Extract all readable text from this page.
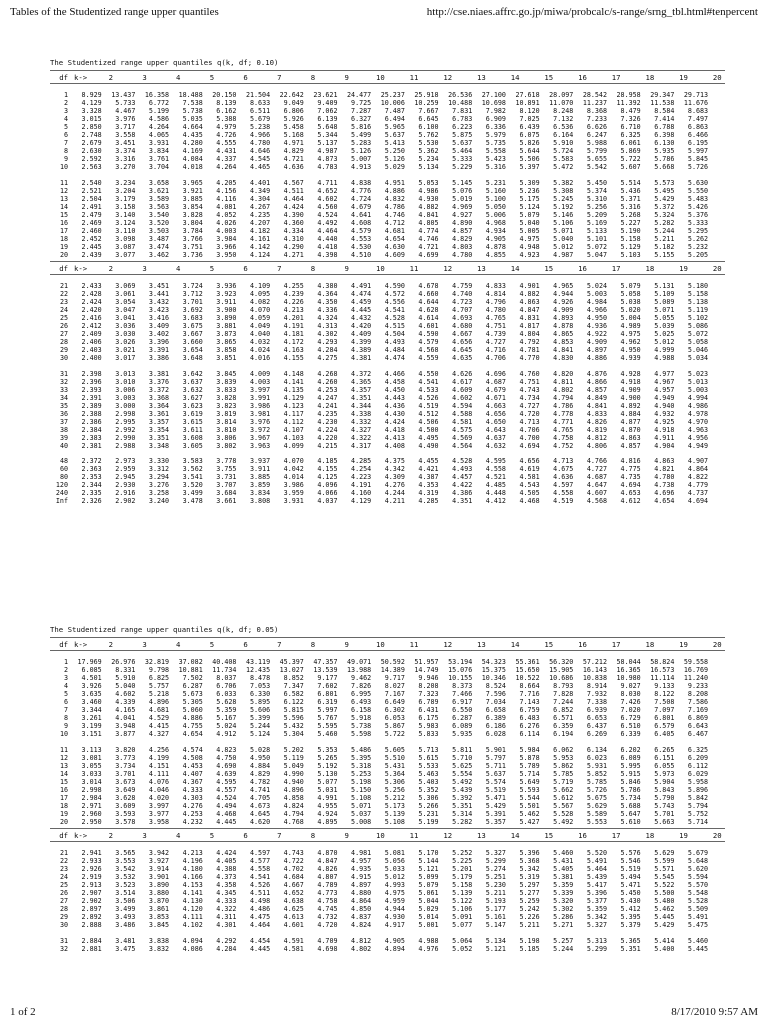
Tables of the Studentized range upper quantiles	http://cse.niaes.affrc.go.jp/miwa/probcalc/s-range/srng_tbl.html#tenpercent
The Studentized range upper quantiles q(k, df; 0.10)
df k->	2	3	4	5	6	7	8	9	10	11	12	13	14	15	16	17	18	19	20
1 8.929 13.437 16.358 18.488 20.150 21.504 22.642 23.621 24.477 25.237 25.918 26.536 27.100 27.618 28.097 28.542 28.958 29.347 29.713
2 4.129 5.733 6.772 7.538 8.139 8.633 9.049 9.409 9.725 10.006 10.259 10.488 10.698 10.891 11.070 11.237 11.392 11.538 11.676
3 3.328 4.467 5.199 5.738 6.162 6.511 6.806 7.062 7.287 7.487 7.667 7.831 7.982 8.120 8.248 8.368 8.479 8.584 8.683
4 3.015 3.976 4.586 5.035 5.388 5.679 5.926 6.139 6.327 6.494 6.645 6.783 6.909 7.025 7.132 7.233 7.326 7.414 7.497
5 2.850 3.717 4.264 4.664 4.979 5.238 5.458 5.648 5.816 5.965 6.100 6.223 6.336 6.439 6.536 6.626 6.710 6.788 6.863
6 2.748 3.558 4.065 4.435 4.726 4.966 5.168 5.344 5.499 5.637 5.762 5.875 5.979 6.075 6.164 6.247 6.325 6.398 6.466
7 2.679 3.451 3.931 4.280 4.555 4.780 4.971 5.137 5.283 5.413 5.530 5.637 5.735 5.826 5.910 5.988 6.061 6.130 6.195
8 2.630 3.374 3.834 4.169 4.431 4.646 4.829 4.987 5.126 5.250 5.362 5.464 5.558 5.644 5.724 5.799 5.869 5.935 5.997
9 2.592 3.316 3.761 4.084 4.337 4.545 4.721 4.873 5.007 5.126 5.234 5.333 5.423 5.506 5.583 5.655 5.722 5.786 5.845
10 2.563 3.270 3.704 4.018 4.264 4.465 4.636 4.783 4.913 5.029 5.134 5.229 5.316 5.397 5.472 5.542 5.607 5.668 5.726
11 2.540 3.234 3.658 3.965 4.205 4.401 4.567 4.711 4.838 4.951 5.053 5.145 5.231 5.309 5.382 5.450 5.514 5.573 5.630
12 2.521 3.204 3.621 3.921 4.156 4.349 4.511 4.652 4.776 4.886 4.986 5.076 5.160 5.236 5.308 5.374 5.436 5.495 5.550
13 2.504 3.179 3.589 3.885 4.116 4.304 4.464 4.602 4.724 4.832 4.930 5.019 5.100 5.175 5.245 5.310 5.371 5.429 5.483
14 2.491 3.158 3.563 3.854 4.081 4.267 4.424 4.560 4.679 4.786 4.882 4.969 5.050 5.124 5.192 5.256 5.316 5.372 5.426
15 2.479 3.140 3.540 3.828 4.052 4.235 4.390 4.524 4.641 4.746 4.841 4.927 5.006 5.079 5.146 5.209 5.268 5.324 5.376
16 2.469 3.124 3.520 3.804 4.026 4.207 4.360 4.492 4.608 4.712 4.805 4.890 4.968 5.040 5.106 5.169 5.227 5.282 5.333
17 2.460 3.110 3.503 3.784 4.003 4.182 4.334 4.464 4.579 4.681 4.774 4.857 4.934 5.005 5.071 5.133 5.190 5.244 5.295
18 2.452 3.098 3.487 3.766 3.984 4.161 4.310 4.440 4.553 4.654 4.746 4.829 4.905 4.975 5.040 5.101 5.158 5.211 5.262
19 2.445 3.087 3.474 3.751 3.966 4.142 4.290 4.418 4.530 4.630 4.721 4.803 4.878 4.948 5.012 5.072 5.129 5.182 5.232
20 2.439 3.077 3.462 3.736 3.950 4.124 4.271 4.398 4.510 4.609 4.699 4.780 4.855 4.923 4.987 5.047 5.103 5.155 5.205
df k->	2	3	4	5	6	7	8	9	10	11	12	13	14	15	16	17	18	19	20
21 2.433 3.069 3.451 3.724 3.936 4.109 4.255 4.380 4.491 4.590 4.678 4.759 4.833 4.901 4.965 5.024 5.079 5.131 5.180
22 2.428 3.061 3.441 3.712 3.923 4.095 4.239 4.364 4.474 4.572 4.660 4.740 4.814 4.882 4.944 5.003 5.058 5.109 5.158
23 2.424 3.054 3.432 3.701 3.911 4.082 4.226 4.350 4.459 4.556 4.644 4.723 4.796 4.863 4.926 4.984 5.038 5.089 5.138
24 2.420 3.047 3.423 3.692 3.900 4.070 4.213 4.336 4.445 4.541 4.628 4.707 4.780 4.847 4.909 4.966 5.020 5.071 5.119
25 2.416 3.041 3.416 3.683 3.890 4.059 4.201 4.324 4.432 4.528 4.614 4.693 4.765 4.831 4.893 4.950 5.004 5.055 5.102
26 2.412 3.036 3.409 3.675 3.881 4.049 4.191 4.313 4.420 4.515 4.601 4.680 4.751 4.817 4.878 4.936 4.989 5.039 5.086
27 2.409 3.030 3.402 3.667 3.873 4.040 4.181 4.302 4.409 4.504 4.590 4.667 4.739 4.804 4.865 4.922 4.975 5.025 5.072
28 2.406 3.026 3.396 3.660 3.865 4.032 4.172 4.293 4.399 4.493 4.579 4.656 4.727 4.792 4.853 4.909 4.962 5.012 5.058
29 2.403 3.021 3.391 3.654 3.858 4.024 4.163 4.284 4.389 4.484 4.568 4.645 4.716 4.781 4.841 4.897 4.950 4.999 5.046
30 2.400 3.017 3.386 3.648 3.851 4.016 4.155 4.275 4.381 4.474 4.559 4.635 4.706 4.770 4.830 4.886 4.939 4.988 5.034
31 2.398 3.013 3.381 3.642 3.845 4.009 4.148 4.268 4.372 4.466 4.550 4.626 4.696 4.760 4.820 4.876 4.928 4.977 5.023
32 2.396 3.010 3.376 3.637 3.839 4.003 4.141 4.260 4.365 4.458 4.541 4.617 4.687 4.751 4.811 4.866 4.918 4.967 5.013
33 2.393 3.006 3.372 3.632 3.833 3.997 4.135 4.253 4.357 4.450 4.533 4.609 4.679 4.743 4.802 4.857 4.909 4.957 5.003
34 2.391 3.003 3.368 3.627 3.828 3.991 4.129 4.247 4.351 4.443 4.526 4.602 4.671 4.734 4.794 4.849 4.900 4.949 4.994
35 2.389 3.000 3.364 3.623 3.823 3.986 4.123 4.241 4.344 4.436 4.519 4.594 4.663 4.727 4.786 4.841 4.892 4.940 4.986
36 2.388 2.998 3.361 3.619 3.819 3.981 4.117 4.235 4.338 4.430 4.512 4.588 4.656 4.720 4.778 4.833 4.884 4.932 4.978
37 2.386 2.995 3.357 3.615 3.814 3.976 4.112 4.230 4.332 4.424 4.506 4.581 4.650 4.713 4.771 4.826 4.877 4.925 4.970
38 2.384 2.992 3.354 3.611 3.810 3.972 4.107 4.224 4.327 4.418 4.500 4.575 4.643 4.706 4.765 4.819 4.870 4.918 4.963
39 2.383 2.990 3.351 3.608 3.806 3.967 4.103 4.220 4.322 4.413 4.495 4.569 4.637 4.700 4.758 4.812 4.863 4.911 4.956
40 2.381 2.988 3.348 3.605 3.802 3.963 4.099 4.215 4.317 4.408 4.490 4.564 4.632 4.694 4.752 4.806 4.857 4.904 4.949
48 2.372 2.973 3.330 3.583 3.778 3.937 4.070 4.185 4.285 4.375 4.455 4.528 4.595 4.656 4.713 4.766 4.816 4.863 4.907
60 2.363 2.959 3.312 3.562 3.755 3.911 4.042 4.155 4.254 4.342 4.421 4.493 4.558 4.619 4.675 4.727 4.775 4.821 4.864
80 2.353 2.945 3.294 3.541 3.731 3.885 4.014 4.125 4.223 4.309 4.387 4.457 4.521 4.581 4.636 4.687 4.735 4.780 4.822
120 2.344 2.930 3.276 3.520 3.707 3.859 3.986 4.096 4.191 4.276 4.353 4.422 4.485 4.543 4.597 4.647 4.694 4.738 4.779
240 2.335 2.916 3.258 3.499 3.684 3.834 3.959 4.066 4.160 4.244 4.319 4.386 4.448 4.505 4.558 4.607 4.653 4.696 4.737
Inf 2.326 2.902 3.240 3.478 3.661 3.808 3.931 4.037 4.129 4.211 4.285 4.351 4.412 4.468 4.519 4.568 4.612 4.654 4.694
The Studentized range upper quantiles q(k, df; 0.05)
df k->	2	3	4	5	6	7	8	9	10	11	12	13	14	15	16	17	18	19	20
1 17.969 26.976 32.819 37.082 40.408 43.119 45.397 47.357 49.071 50.592 51.957 53.194 54.323 55.361 56.320 57.212 58.044 58.824 59.558
2 6.085 8.331 9.798 10.881 11.734 12.435 13.027 13.539 13.988 14.389 14.749 15.076 15.375 15.650 15.905 16.143 16.365 16.573 16.769
3 4.501 5.910 6.825 7.502 8.037 8.478 8.852 9.177 9.462 9.717 9.946 10.155 10.346 10.522 10.686 10.838 10.980 11.114 11.240
4 3.926 5.040 5.757 6.287 6.706 7.053 7.347 7.602 7.826 8.027 8.208 8.373 8.524 8.664 8.793 8.914 9.027 9.133 9.233
5 3.635 4.602 5.218 5.673 6.033 6.330 6.582 6.801 6.995 7.167 7.323 7.466 7.596 7.716 7.828 7.932 8.030 8.122 8.208
6 3.460 4.339 4.896 5.305 5.628 5.895 6.122 6.319 6.493 6.649 6.789 6.917 7.034 7.143 7.244 7.338 7.426 7.508 7.586
7 3.344 4.165 4.681 5.060 5.359 5.606 5.815 5.997 6.158 6.302 6.431 6.550 6.658 6.759 6.852 6.939 7.020 7.097 7.169
8 3.261 4.041 4.529 4.886 5.167 5.399 5.596 5.767 5.918 6.053 6.175 6.287 6.389 6.483 6.571 6.653 6.729 6.801 6.869
9 3.199 3.948 4.415 4.755 5.024 5.244 5.432 5.595 5.738 5.867 5.983 6.089 6.186 6.276 6.359 6.437 6.510 6.579 6.643
10 3.151 3.877 4.327 4.654 4.912 5.124 5.304 5.460 5.598 5.722 5.833 5.935 6.028 6.114 6.194 6.269 6.339 6.405 6.467
11 3.113 3.820 4.256 4.574 4.823 5.028 5.202 5.353 5.486 5.605 5.713 5.811 5.901 5.984 6.062 6.134 6.202 6.265 6.325
12 3.081 3.773 4.199 4.508 4.750 4.950 5.119 5.265 5.395 5.510 5.615 5.710 5.797 5.878 5.953 6.023 6.089 6.151 6.209
13 3.055 3.734 4.151 4.453 4.690 4.884 5.049 5.192 5.318 5.431 5.533 5.625 5.711 5.789 5.862 5.931 5.995 6.055 6.112
14 3.033 3.701 4.111 4.407 4.639 4.829 4.990 5.130 5.253 5.364 5.463 5.554 5.637 5.714 5.785 5.852 5.915 5.973 6.029
15 3.014 3.673 4.076 4.367 4.595 4.782 4.940 5.077 5.198 5.306 5.403 5.492 5.574 5.649 5.719 5.785 5.846 5.904 5.958
16 2.998 3.649 4.046 4.333 4.557 4.741 4.896 5.031 5.150 5.256 5.352 5.439 5.519 5.593 5.662 5.726 5.786 5.843 5.896
17 2.984 3.628 4.020 4.303 4.524 4.705 4.858 4.991 5.108 5.212 5.306 5.392 5.471 5.544 5.612 5.675 5.734 5.790 5.842
18 2.971 3.609 3.997 4.276 4.494 4.673 4.824 4.955 5.071 5.173 5.266 5.351 5.429 5.501 5.567 5.629 5.688 5.743 5.794
19 2.960 3.593 3.977 4.253 4.468 4.645 4.794 4.924 5.037 5.139 5.231 5.314 5.391 5.462 5.528 5.589 5.647 5.701 5.752
20 2.950 3.578 3.958 4.232 4.445 4.620 4.768 4.895 5.008 5.108 5.199 5.282 5.357 5.427 5.492 5.553 5.610 5.663 5.714
df k->	2	3	4	5	6	7	8	9	10	11	12	13	14	15	16	17	18	19	20
21 2.941 3.565 3.942 4.213 4.424 4.597 4.743 4.870 4.981 5.081 5.170 5.252 5.327 5.396 5.460 5.520 5.576 5.629 5.679
22 2.933 3.553 3.927 4.196 4.405 4.577 4.722 4.847 4.957 5.056 5.144 5.225 5.299 5.368 5.431 5.491 5.546 5.599 5.648
23 2.926 3.542 3.914 4.180 4.388 4.558 4.702 4.826 4.935 5.033 5.121 5.201 5.274 5.342 5.405 5.464 5.519 5.571 5.620
24 2.919 3.532 3.901 4.166 4.373 4.541 4.684 4.807 4.915 5.012 5.099 5.179 5.251 5.319 5.381 5.439 5.494 5.545 5.594
25 2.913 3.523 3.890 4.153 4.358 4.526 4.667 4.789 4.897 4.993 5.079 5.158 5.230 5.297 5.359 5.417 5.471 5.522 5.570
26 2.907 3.514 3.880 4.141 4.345 4.511 4.652 4.773 4.880 4.975 5.061 5.139 5.211 5.277 5.339 5.396 5.450 5.500 5.548
27 2.902 3.506 3.870 4.130 4.333 4.498 4.638 4.758 4.864 4.959 5.044 5.122 5.193 5.259 5.320 5.377 5.430 5.480 5.528
28 2.897 3.499 3.861 4.120 4.322 4.486 4.625 4.745 4.850 4.944 5.029 5.106 5.177 5.242 5.302 5.359 5.412 5.462 5.509
29 2.892 3.493 3.853 4.111 4.311 4.475 4.613 4.732 4.837 4.930 5.014 5.091 5.161 5.226 5.286 5.342 5.395 5.445 5.491
30 2.888 3.486 3.845 4.102 4.301 4.464 4.601 4.720 4.824 4.917 5.001 5.077 5.147 5.211 5.271 5.327 5.379 5.429 5.475
31 2.884 3.481 3.838 4.094 4.292 4.454 4.591 4.709 4.812 4.905 4.988 5.064 5.134 5.198 5.257 5.313 5.365 5.414 5.460
32 2.881 3.475 3.832 4.086 4.284 4.445 4.581 4.698 4.802 4.894 4.976 5.052 5.121 5.185 5.244 5.299 5.351 5.400 5.445
1 of 2	8/17/2010 9:57 AM
